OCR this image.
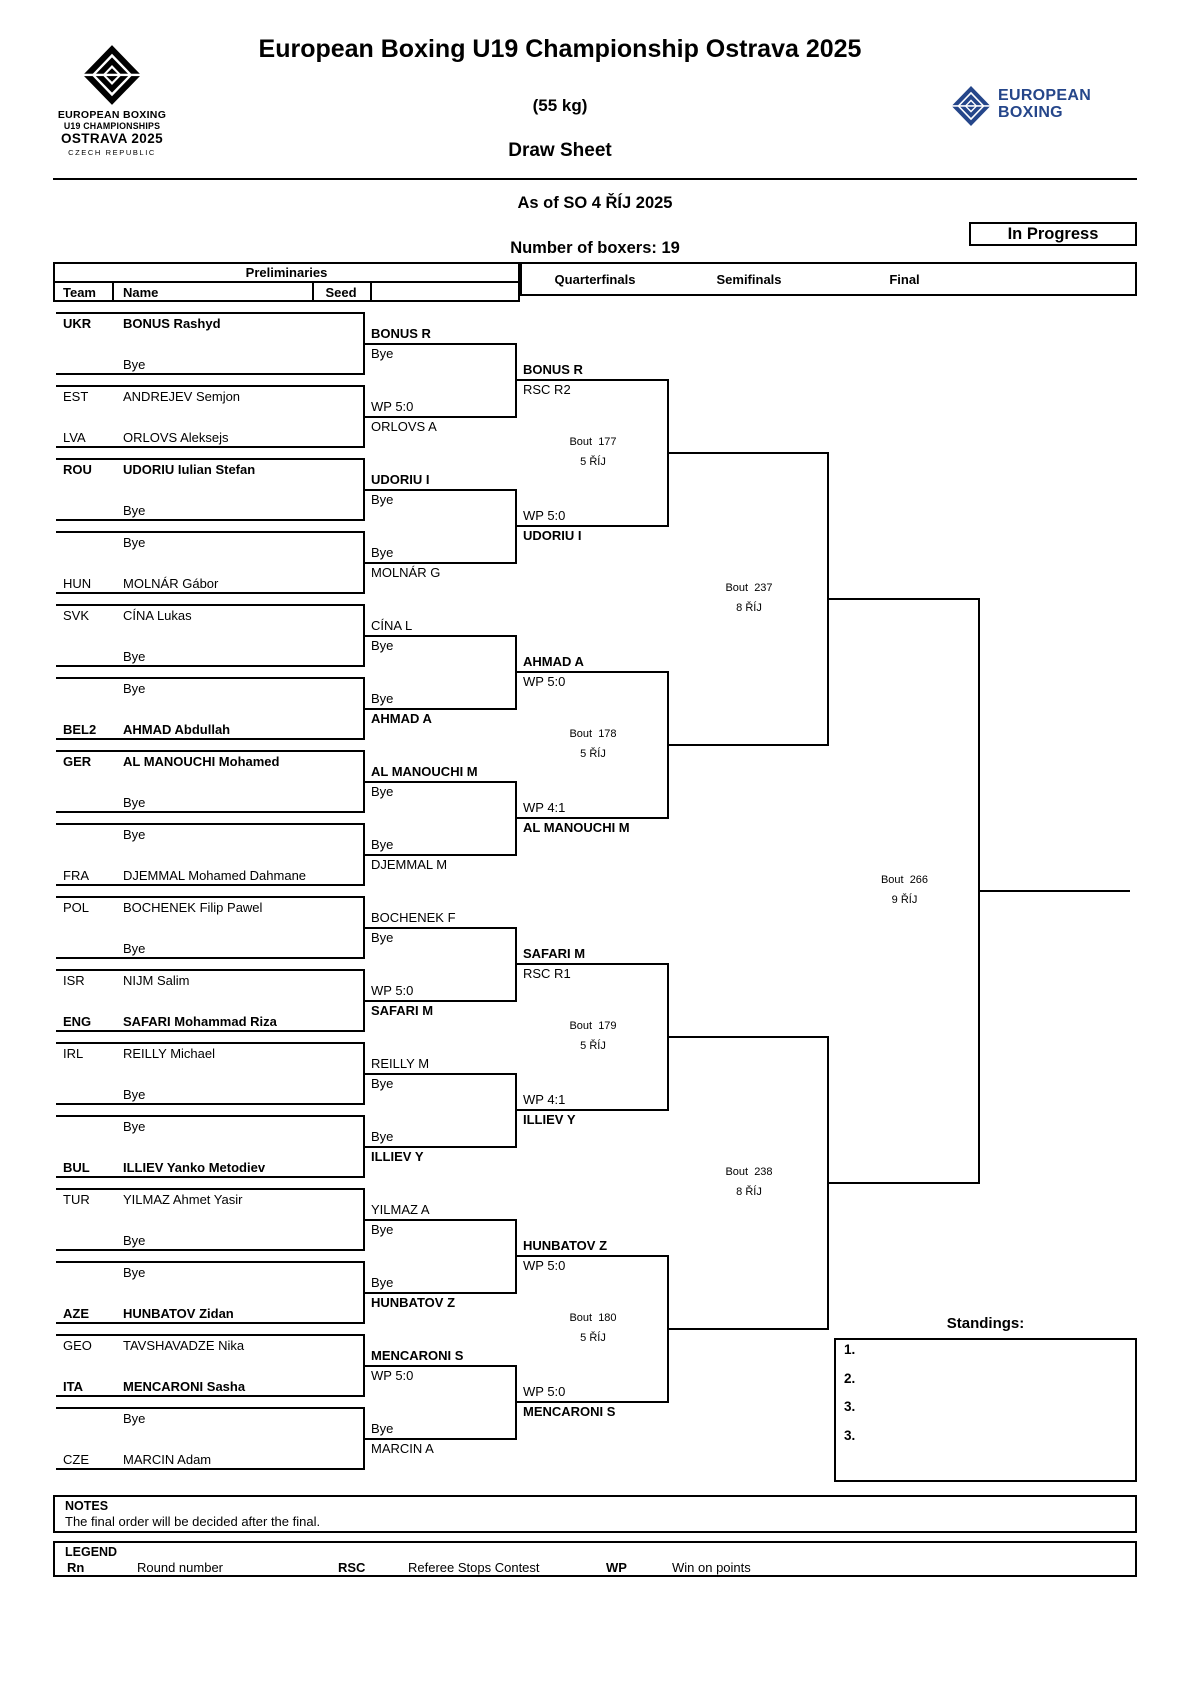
EUROPEAN BOXING
U19 CHAMPIONSHIPS
OSTRAVA 2025
CZECH REPUBLIC
European Boxing U19 Championship Ostrava 2025
(55 kg)
Draw Sheet
EUROPEAN
BOXING
As of SO 4 ŘÍJ 2025
In Progress
Number of boxers: 19
Preliminaries
Team Name	Seed
Quarterfinals	Semifinals	Final
UKR BONUS Rashyd
Bye
EST	ANDREJEV Semjon
LVA	ORLOVS Aleksejs
ROU UDORIU Iulian Stefan
Bye
Bye
HUN MOLNÁR Gábor
SVK	CÍNA Lukas
Bye
Bye
BEL2 AHMAD Abdullah
GER AL MANOUCHI Mohamed
Bye
Bye
FRA	DJEMMAL Mohamed Dahmane
POL	BOCHENEK Filip Pawel
Bye
ISR	NIJM Salim
ENG SAFARI Mohammad Riza
IRL	REILLY Michael
Bye
Bye
BUL	ILLIEV Yanko Metodiev
TUR	YILMAZ Ahmet Yasir
Bye
Bye
AZE	HUNBATOV Zidan
GEO TAVSHAVADZE Nika
ITA	MENCARONI Sasha
Bye
CZE	MARCIN Adam
BONUS R
Bye
WP 5:0
ORLOVS A
UDORIU I
Bye
Bye
MOLNÁR G
CÍNA L
Bye
Bye
AHMAD A
AL MANOUCHI M
Bye
Bye
DJEMMAL M
BOCHENEK F
Bye
WP 5:0
SAFARI M
REILLY M
Bye
Bye
ILLIEV Y
YILMAZ A
Bye
Bye
HUNBATOV Z
MENCARONI S
WP 5:0
Bye
MARCIN A
BONUS R
RSC R2
WP 5:0
UDORIU I
Bout  177
5 ŘÍJ
AHMAD A
WP 5:0
WP 4:1
AL MANOUCHI M
Bout  178
5 ŘÍJ
SAFARI M
RSC R1
WP 4:1
ILLIEV Y
Bout  179
5 ŘÍJ
HUNBATOV Z
WP 5:0
WP 5:0
MENCARONI S
Bout  180
5 ŘÍJ
Bout  237
8 ŘÍJ
Bout  238
8 ŘÍJ
Bout  266
9 ŘÍJ
Standings:
1.
2.
3.
3.
NOTES
The final order will be decided after the final.
LEGEND
Rn	Round number	RSC	Referee Stops Contest	WP	Win on points
